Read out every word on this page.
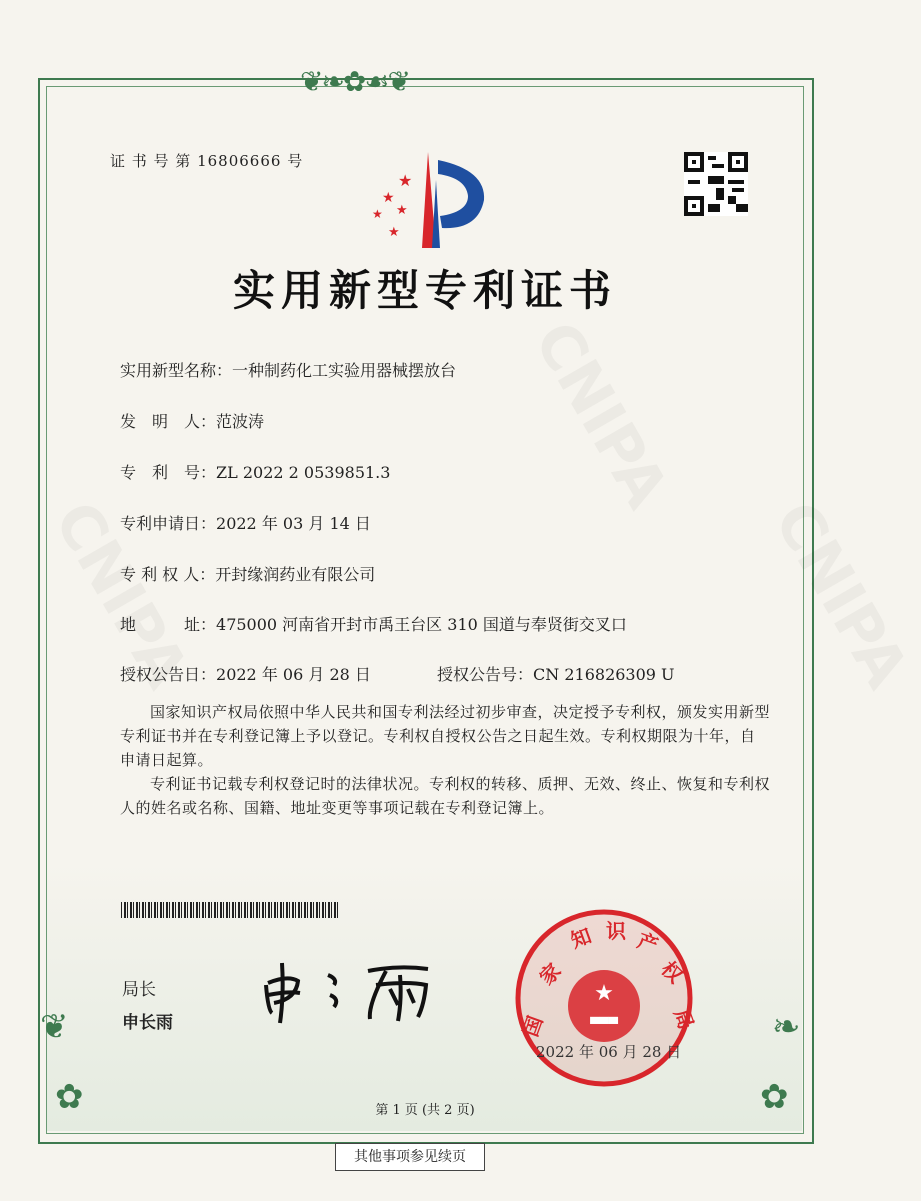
❦❧✿☙❦
❦	❧
✿	✿
证 书 号 第 16806666 号
★
★
★ ★
★
实用新型专利证书
实用新型名称：一种制药化工实验用器械摆放台
发　明　人：范波涛
专　利　号：ZL 2022 2 0539851.3
专利申请日：2022 年 03 月 14 日
专 利 权 人：开封缘润药业有限公司
地　　　址：475000 河南省开封市禹王台区 310 国道与奉贤街交叉口
授权公告日：2022 年 06 月 28 日	授权公告号：CN 216826309 U

国家知识产权局依照中华人民共和国专利法经过初步审查，决定授予专利权，颁发实用新型专利证书并在专利登记簿上予以登记。专利权自授权公告之日起生效。专利权期限为十年，自申请日起算。

专利证书记载专利权登记时的法律状况。专利权的转移、质押、无效、终止、恢复和专利权人的姓名或名称、国籍、地址变更等事项记载在专利登记簿上。

局长
申长雨
★
▀▀▀
国
家
知 识 产
权
局
2022 年 06 月 28 日
第 1 页 (共 2 页)
其他事项参见续页
